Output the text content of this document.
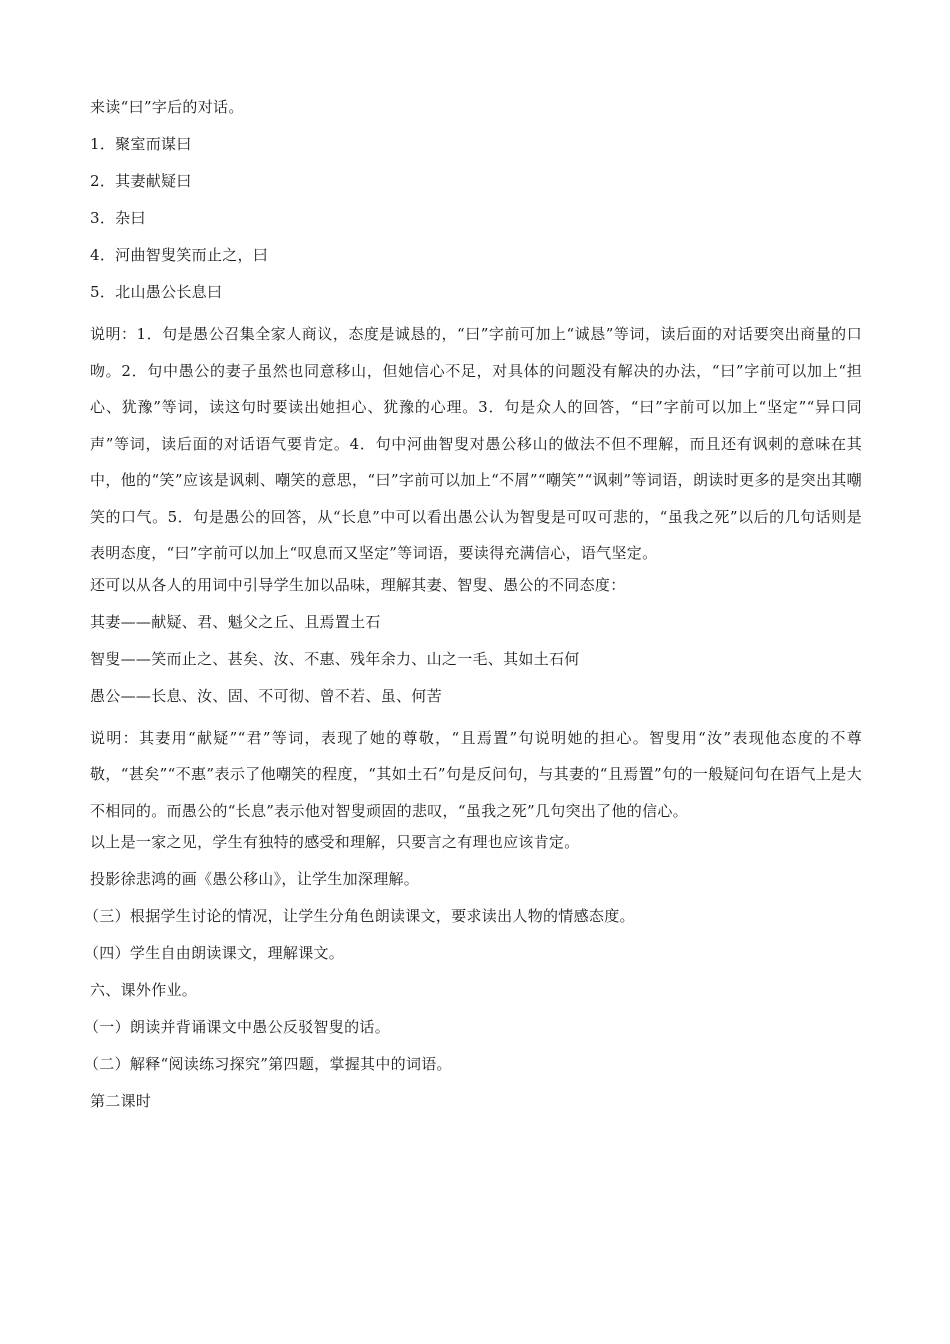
来读“曰”字后的对话。

1．聚室而谋曰

2．其妻献疑曰

3．杂曰

4．河曲智叟笑而止之，曰

5．北山愚公长息曰

说明：1．句是愚公召集全家人商议，态度是诚恳的，“曰”字前可加上“诚恳”等词，读后面的对话要突出商量的口吻。2．句中愚公的妻子虽然也同意移山，但她信心不足，对具体的问题没有解决的办法，“曰”字前可以加上“担心、犹豫”等词，读这句时要读出她担心、犹豫的心理。3．句是众人的回答，“曰”字前可以加上“坚定”“异口同声”等词，读后面的对话语气要肯定。4．句中河曲智叟对愚公移山的做法不但不理解，而且还有讽刺的意味在其中，他的“笑”应该是讽刺、嘲笑的意思，“曰”字前可以加上“不屑”“嘲笑”“讽刺”等词语，朗读时更多的是突出其嘲笑的口气。5．句是愚公的回答，从“长息”中可以看出愚公认为智叟是可叹可悲的，“虽我之死”以后的几句话则是表明态度，“曰”字前可以加上“叹息而又坚定”等词语，要读得充满信心，语气坚定。

还可以从各人的用词中引导学生加以品味，理解其妻、智叟、愚公的不同态度：

其妻——献疑、君、魁父之丘、且焉置土石

智叟——笑而止之、甚矣、汝、不惠、残年余力、山之一毛、其如土石何

愚公——长息、汝、固、不可彻、曾不若、虽、何苦

说明：其妻用“献疑”“君”等词，表现了她的尊敬，“且焉置”句说明她的担心。智叟用“汝”表现他态度的不尊敬，“甚矣”“不惠”表示了他嘲笑的程度，“其如土石”句是反问句，与其妻的“且焉置”句的一般疑问句在语气上是大不相同的。而愚公的“长息”表示他对智叟顽固的悲叹，“虽我之死”几句突出了他的信心。

以上是一家之见，学生有独特的感受和理解，只要言之有理也应该肯定。

投影徐悲鸿的画《愚公移山》，让学生加深理解。

（三）根据学生讨论的情况，让学生分角色朗读课文，要求读出人物的情感态度。

（四）学生自由朗读课文，理解课文。

六、课外作业。

（一）朗读并背诵课文中愚公反驳智叟的话。

（二）解释“阅读练习探究”第四题，掌握其中的词语。

第二课时
